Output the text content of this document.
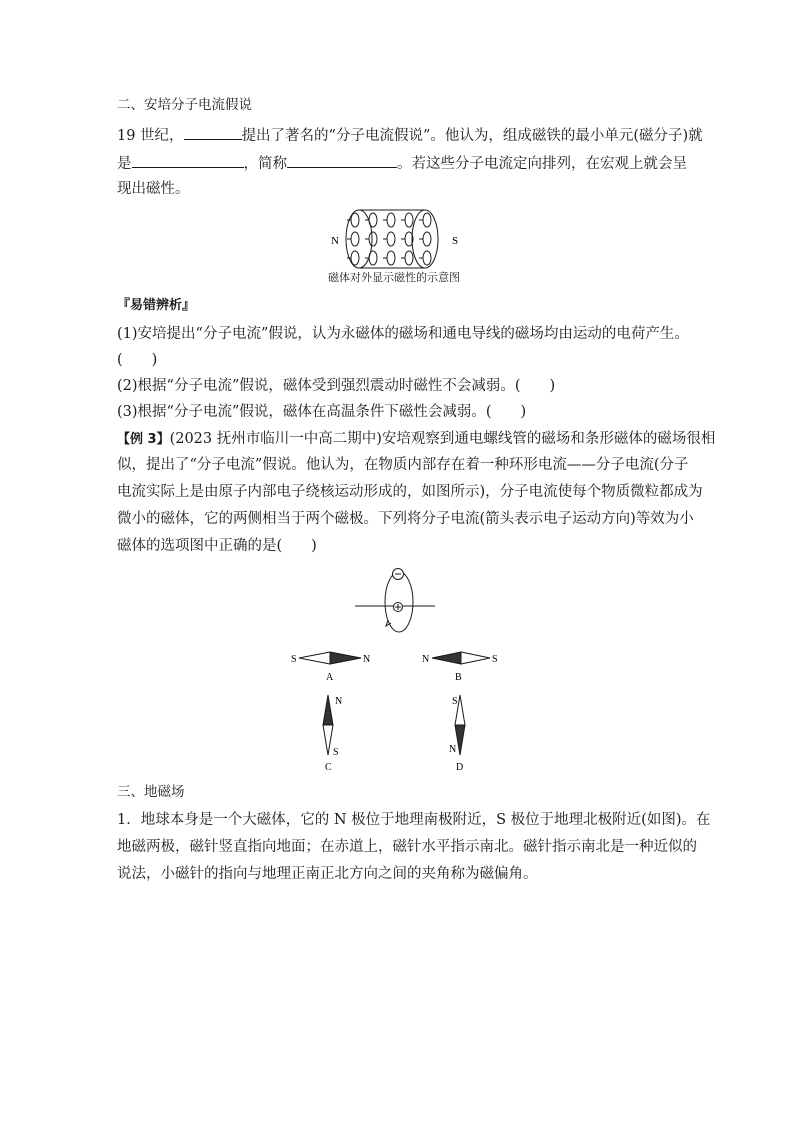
二、安培分子电流假说
19 世纪，	提出了著名的“分子电流假说”。他认为，组成磁铁的最小单元(磁分子)就
是	，简称	。若这些分子电流定向排列，在宏观上就会呈
现出磁性。
N	S
磁体对外显示磁性的示意图
『易错辨析』
(1)安培提出“分子电流”假说，认为永磁体的磁场和通电导线的磁场均由运动的电荷产生。
(　　)
(2)根据“分子电流”假说，磁体受到强烈震动时磁性不会减弱。(　　)
(3)根据“分子电流”假说，磁体在高温条件下磁性会减弱。(　　)
【例 3】(2023 抚州市临川一中高二期中)安培观察到通电螺线管的磁场和条形磁体的磁场很相
似，提出了“分子电流”假说。他认为，在物质内部存在着一种环形电流——分子电流(分子
电流实际上是由原子内部电子绕核运动形成的，如图所示)，分子电流使每个物质微粒都成为
微小的磁体，它的两侧相当于两个磁极。下列将分子电流(箭头表示电子运动方向)等效为小
磁体的选项图中正确的是(　　)
S	N
A
N	S
B
N
S
C
S
N
D
三、地磁场
1．地球本身是一个大磁体，它的 N 极位于地理南极附近，S 极位于地理北极附近(如图)。在
地磁两极，磁针竖直指向地面；在赤道上，磁针水平指示南北。磁针指示南北是一种近似的
说法，小磁针的指向与地理正南正北方向之间的夹角称为磁偏角。
